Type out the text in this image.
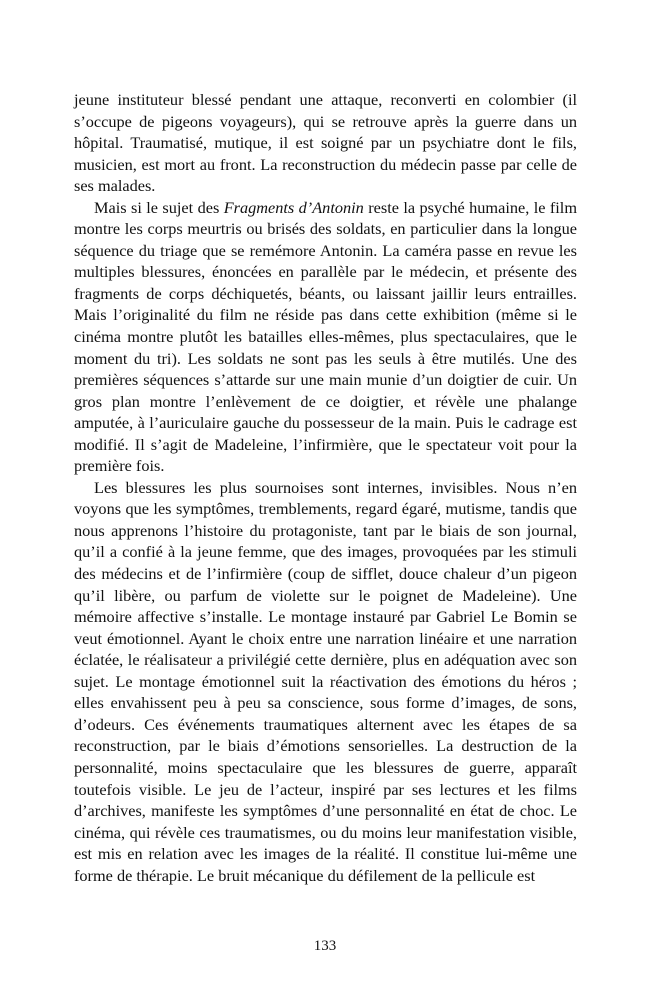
jeune instituteur blessé pendant une attaque, reconverti en colombier (il s’occupe de pigeons voyageurs), qui se retrouve après la guerre dans un hôpital. Traumatisé, mutique, il est soigné par un psychiatre dont le fils, musicien, est mort au front. La reconstruction du médecin passe par celle de ses malades.

Mais si le sujet des Fragments d’Antonin reste la psyché humaine, le film montre les corps meurtris ou brisés des soldats, en particulier dans la longue séquence du triage que se remémore Antonin. La caméra passe en revue les multiples blessures, énoncées en parallèle par le médecin, et présente des fragments de corps déchiquetés, béants, ou laissant jaillir leurs entrailles. Mais l’originalité du film ne réside pas dans cette exhibition (même si le cinéma montre plutôt les batailles elles-mêmes, plus spectaculaires, que le moment du tri). Les soldats ne sont pas les seuls à être mutilés. Une des premières séquences s’attarde sur une main munie d’un doigtier de cuir. Un gros plan montre l’enlèvement de ce doigtier, et révèle une phalange amputée, à l’auriculaire gauche du possesseur de la main. Puis le cadrage est modifié. Il s’agit de Madeleine, l’infirmière, que le spectateur voit pour la première fois.

Les blessures les plus sournoises sont internes, invisibles. Nous n’en voyons que les symptômes, tremblements, regard égaré, mutisme, tandis que nous apprenons l’histoire du protagoniste, tant par le biais de son journal, qu’il a confié à la jeune femme, que des images, provoquées par les stimuli des médecins et de l’infirmière (coup de sifflet, douce chaleur d’un pigeon qu’il libère, ou parfum de violette sur le poignet de Madeleine). Une mémoire affective s’installe. Le montage instauré par Gabriel Le Bomin se veut émotionnel. Ayant le choix entre une narration linéaire et une narration éclatée, le réalisateur a privilégié cette dernière, plus en adéquation avec son sujet. Le montage émotionnel suit la réactivation des émotions du héros ; elles envahissent peu à peu sa conscience, sous forme d’images, de sons, d’odeurs. Ces événements traumatiques alternent avec les étapes de sa reconstruction, par le biais d’émotions sensorielles. La destruction de la personnalité, moins spectaculaire que les blessures de guerre, apparaît toutefois visible. Le jeu de l’acteur, inspiré par ses lectures et les films d’archives, manifeste les symptômes d’une personnalité en état de choc. Le cinéma, qui révèle ces traumatismes, ou du moins leur manifestation visible, est mis en relation avec les images de la réalité. Il constitue lui-même une forme de thérapie. Le bruit mécanique du défilement de la pellicule est

133
